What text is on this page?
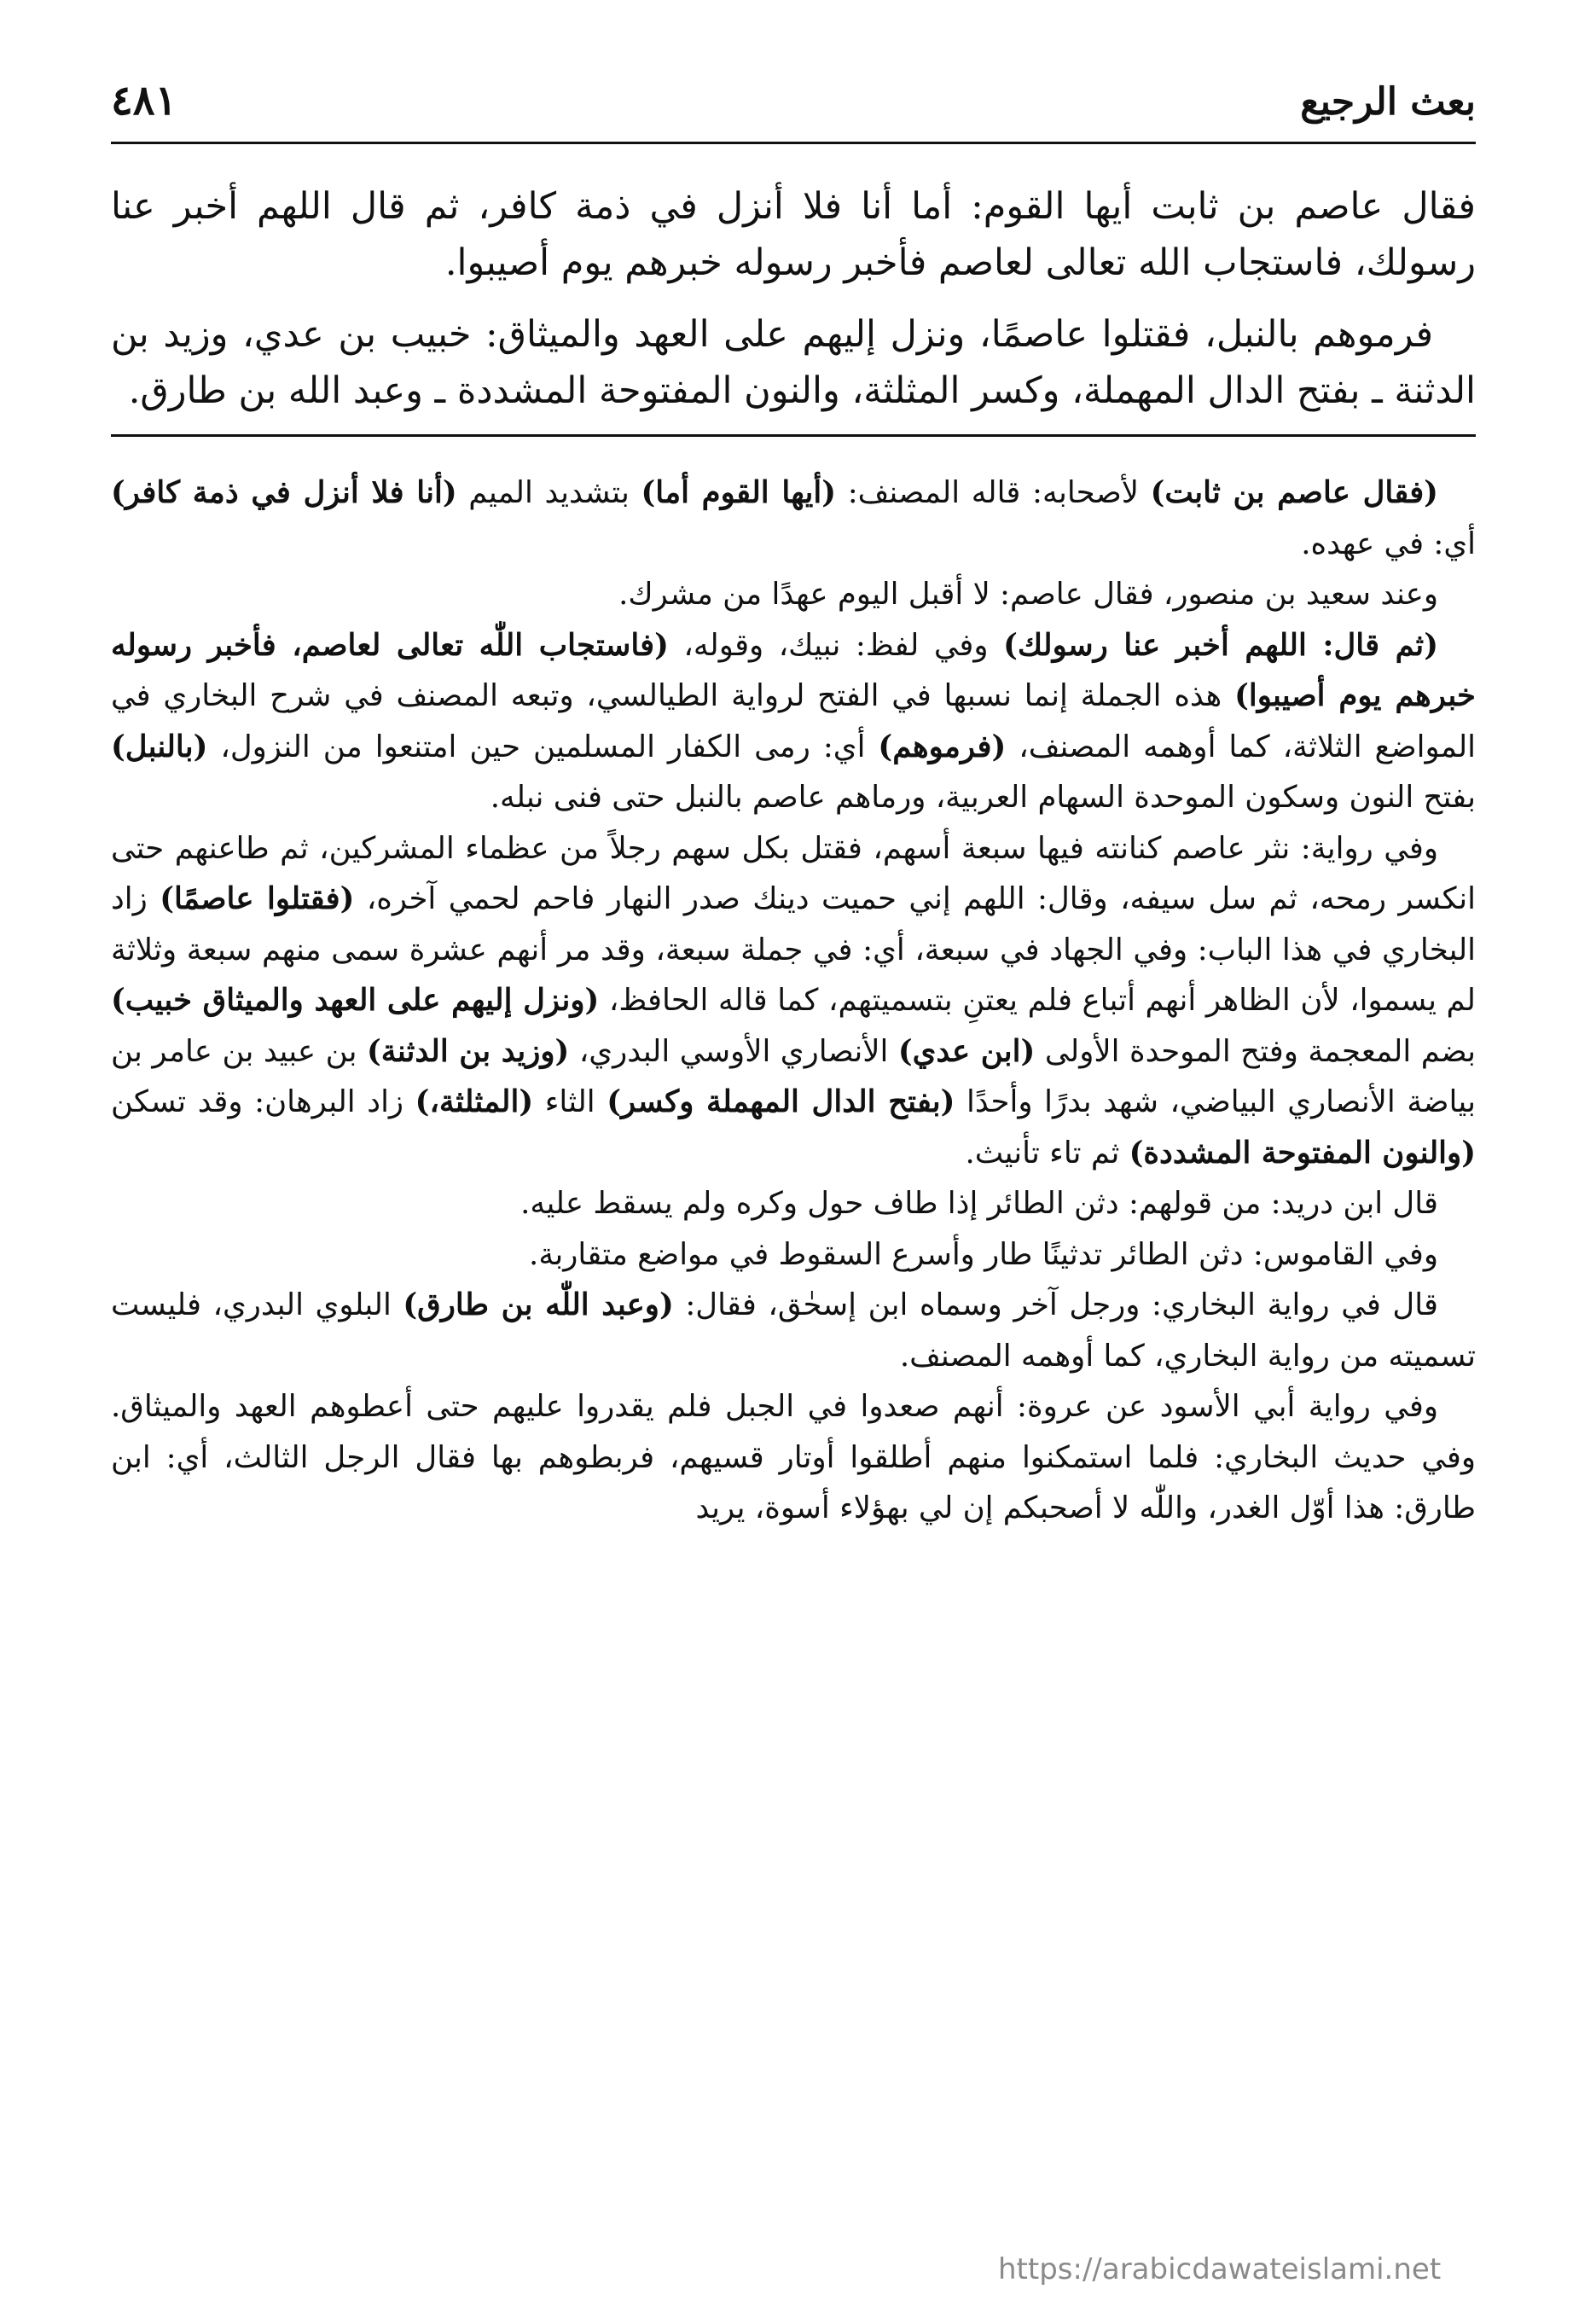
بعث الرجيع
٤٨١

فقال عاصم بن ثابت أيها القوم: أما أنا فلا أنزل في ذمة كافر، ثم قال اللهم أخبر عنا رسولك، فاستجاب الله تعالى لعاصم فأخبر رسوله خبرهم يوم أصيبوا.

فرموهم بالنبل، فقتلوا عاصمًا، ونزل إليهم على العهد والميثاق: خبيب بن عدي، وزيد بن الدثنة ـ بفتح الدال المهملة، وكسر المثلثة، والنون المفتوحة المشددة ـ وعبد الله بن طارق.

(فقال عاصم بن ثابت) لأصحابه: قاله المصنف: (أيها القوم أما) بتشديد الميم (أنا فلا أنزل في ذمة كافر) أي: في عهده.

وعند سعيد بن منصور، فقال عاصم: لا أقبل اليوم عهدًا من مشرك.

(ثم قال: اللهم أخبر عنا رسولك) وفي لفظ: نبيك، وقوله، (فاستجاب اللّٰه تعالى لعاصم، فأخبر رسوله خبرهم يوم أصيبوا) هذه الجملة إنما نسبها في الفتح لرواية الطيالسي، وتبعه المصنف في شرح البخاري في المواضع الثلاثة، كما أوهمه المصنف، (فرموهم) أي: رمى الكفار المسلمين حين امتنعوا من النزول، (بالنبل) بفتح النون وسكون الموحدة السهام العربية، ورماهم عاصم بالنبل حتى فنى نبله.

وفي رواية: نثر عاصم كنانته فيها سبعة أسهم، فقتل بكل سهم رجلاً من عظماء المشركين، ثم طاعنهم حتى انكسر رمحه، ثم سل سيفه، وقال: اللهم إني حميت دينك صدر النهار فاحم لحمي آخره، (فقتلوا عاصمًا) زاد البخاري في هذا الباب: وفي الجهاد في سبعة، أي: في جملة سبعة، وقد مر أنهم عشرة سمى منهم سبعة وثلاثة لم يسموا، لأن الظاهر أنهم أتباع فلم يعتنِ بتسميتهم، كما قاله الحافظ، (ونزل إليهم على العهد والميثاق خبيب) بضم المعجمة وفتح الموحدة الأولى (ابن عدي) الأنصاري الأوسي البدري، (وزيد بن الدثنة) بن عبيد بن عامر بن بياضة الأنصاري البياضي، شهد بدرًا وأحدًا (بفتح الدال المهملة وكسر) الثاء (المثلثة،) زاد البرهان: وقد تسكن (والنون المفتوحة المشددة) ثم تاء تأنيث.

قال ابن دريد: من قولهم: دثن الطائر إذا طاف حول وكره ولم يسقط عليه.

وفي القاموس: دثن الطائر تدثينًا طار وأسرع السقوط في مواضع متقاربة.

قال في رواية البخاري: ورجل آخر وسماه ابن إسحٰق، فقال: (وعبد اللّٰه بن طارق) البلوي البدري، فليست تسميته من رواية البخاري، كما أوهمه المصنف.

وفي رواية أبي الأسود عن عروة: أنهم صعدوا في الجبل فلم يقدروا عليهم حتى أعطوهم العهد والميثاق. وفي حديث البخاري: فلما استمكنوا منهم أطلقوا أوتار قسيهم، فربطوهم بها فقال الرجل الثالث، أي: ابن طارق: هذا أوّل الغدر، واللّٰه لا أصحبكم إن لي بهؤلاء أسوة، يريد

https://arabicdawateislami.net
